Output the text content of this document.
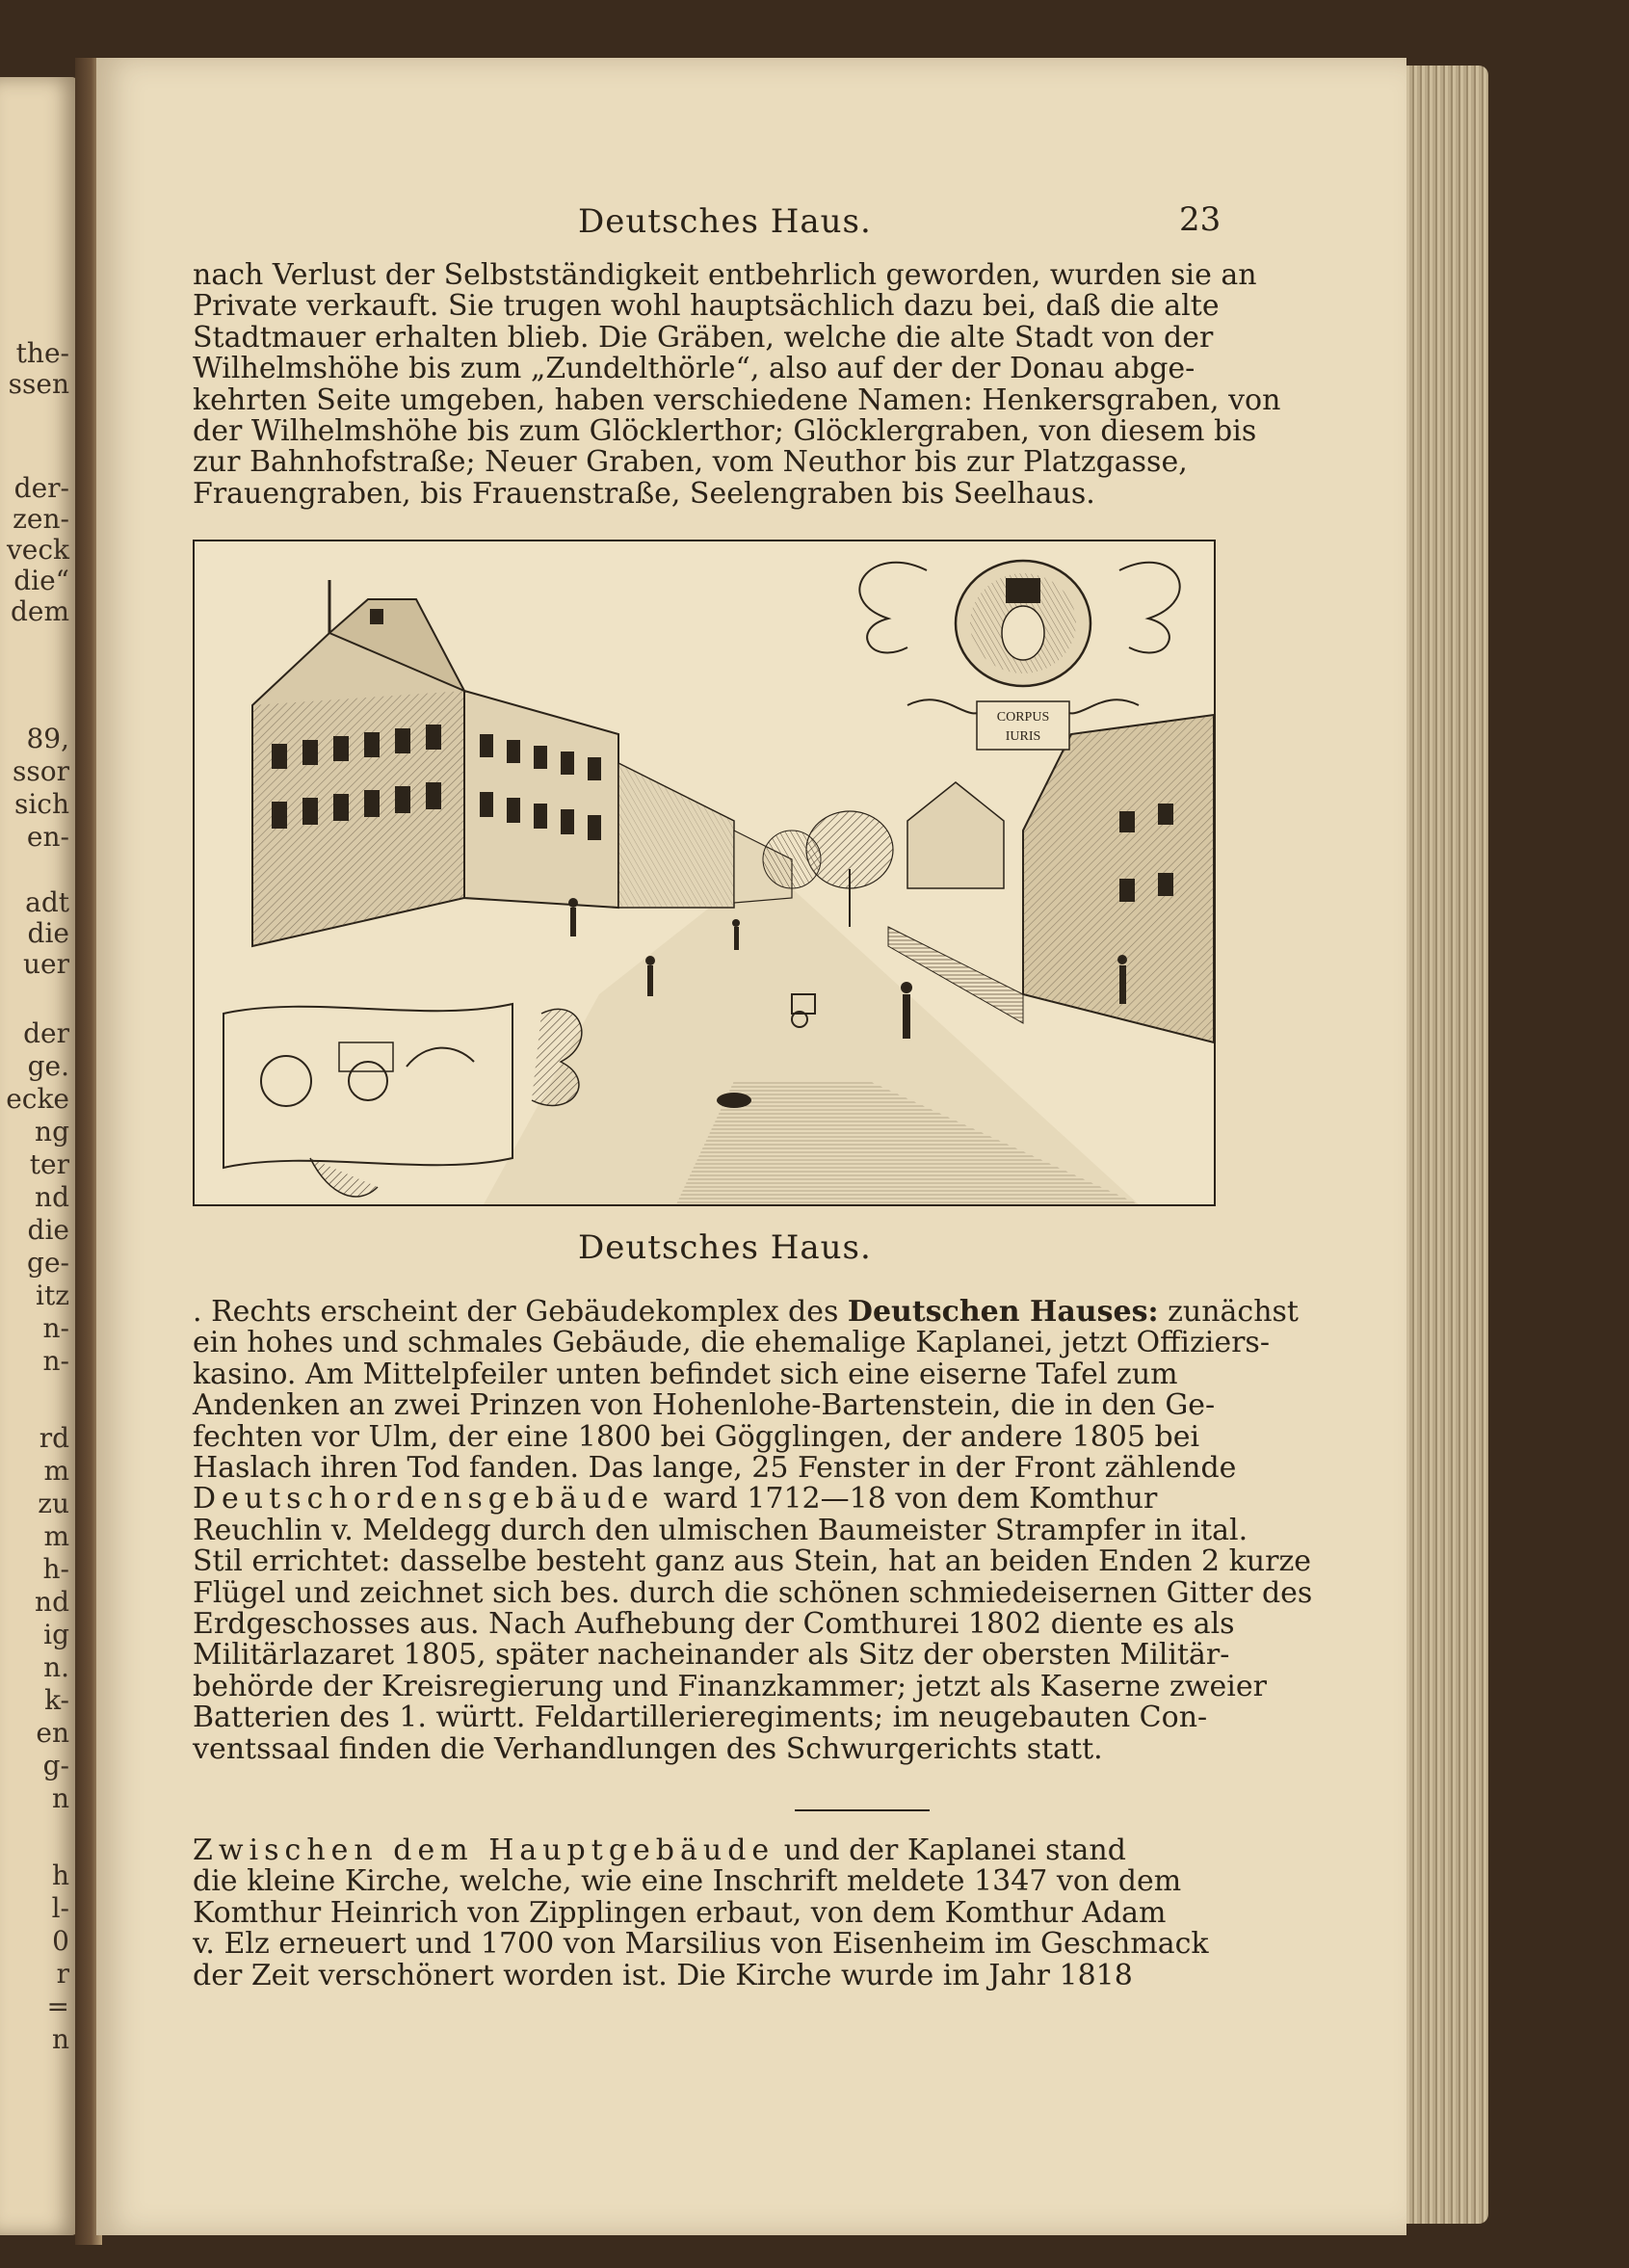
the-
ssen
der-
zen-
veck
die“
dem
89,
ssor
sich
en-
adt
die
uer
der
ge.
ecke
ng
ter
nd
die
ge-
itz
n-
n-
rd
m
zu
m
h-
nd
ig
n.
k-
en
g-
n
h
l-
0
r
=
n
Deutsches Haus.	23
nach Verlust der Selbstständigkeit entbehrlich geworden, wurden sie an
Private verkauft. Sie trugen wohl hauptsächlich dazu bei, daß die alte
Stadtmauer erhalten blieb. Die Gräben, welche die alte Stadt von der
Wilhelmshöhe bis zum „Zundelthörle“, also auf der der Donau abge-
kehrten Seite umgeben, haben verschiedene Namen: Henkersgraben, von
der Wilhelmshöhe bis zum Glöcklerthor; Glöcklergraben, von diesem bis
zur Bahnhofstraße; Neuer Graben, vom Neuthor bis zur Platzgasse,
Frauengraben, bis Frauenstraße, Seelengraben bis Seelhaus.
CORPUS
IURIS
Deutsches Haus.
. Rechts erscheint der Gebäudekomplex des Deutschen Hauses: zunächst
ein hohes und schmales Gebäude, die ehemalige Kaplanei, jetzt Offiziers-
kasino. Am Mittelpfeiler unten befindet sich eine eiserne Tafel zum
Andenken an zwei Prinzen von Hohenlohe-Bartenstein, die in den Ge-
fechten vor Ulm, der eine 1800 bei Gögglingen, der andere 1805 bei
Haslach ihren Tod fanden. Das lange, 25 Fenster in der Front zählende
Deutschordensgebäude ward 1712—18 von dem Komthur
Reuchlin v. Meldegg durch den ulmischen Baumeister Strampfer in ital.
Stil errichtet: dasselbe besteht ganz aus Stein, hat an beiden Enden 2 kurze
Flügel und zeichnet sich bes. durch die schönen schmiedeisernen Gitter des
Erdgeschosses aus. Nach Aufhebung der Comthurei 1802 diente es als
Militärlazaret 1805, später nacheinander als Sitz der obersten Militär-
behörde der Kreisregierung und Finanzkammer; jetzt als Kaserne zweier
Batterien des 1. württ. Feldartillerieregiments; im neugebauten Con-
ventssaal finden die Verhandlungen des Schwurgerichts statt.
Zwischen dem Hauptgebäude und der Kaplanei stand
die kleine Kirche, welche, wie eine Inschrift meldete 1347 von dem
Komthur Heinrich von Zipplingen erbaut, von dem Komthur Adam
v. Elz erneuert und 1700 von Marsilius von Eisenheim im Geschmack
der Zeit verschönert worden ist. Die Kirche wurde im Jahr 1818
